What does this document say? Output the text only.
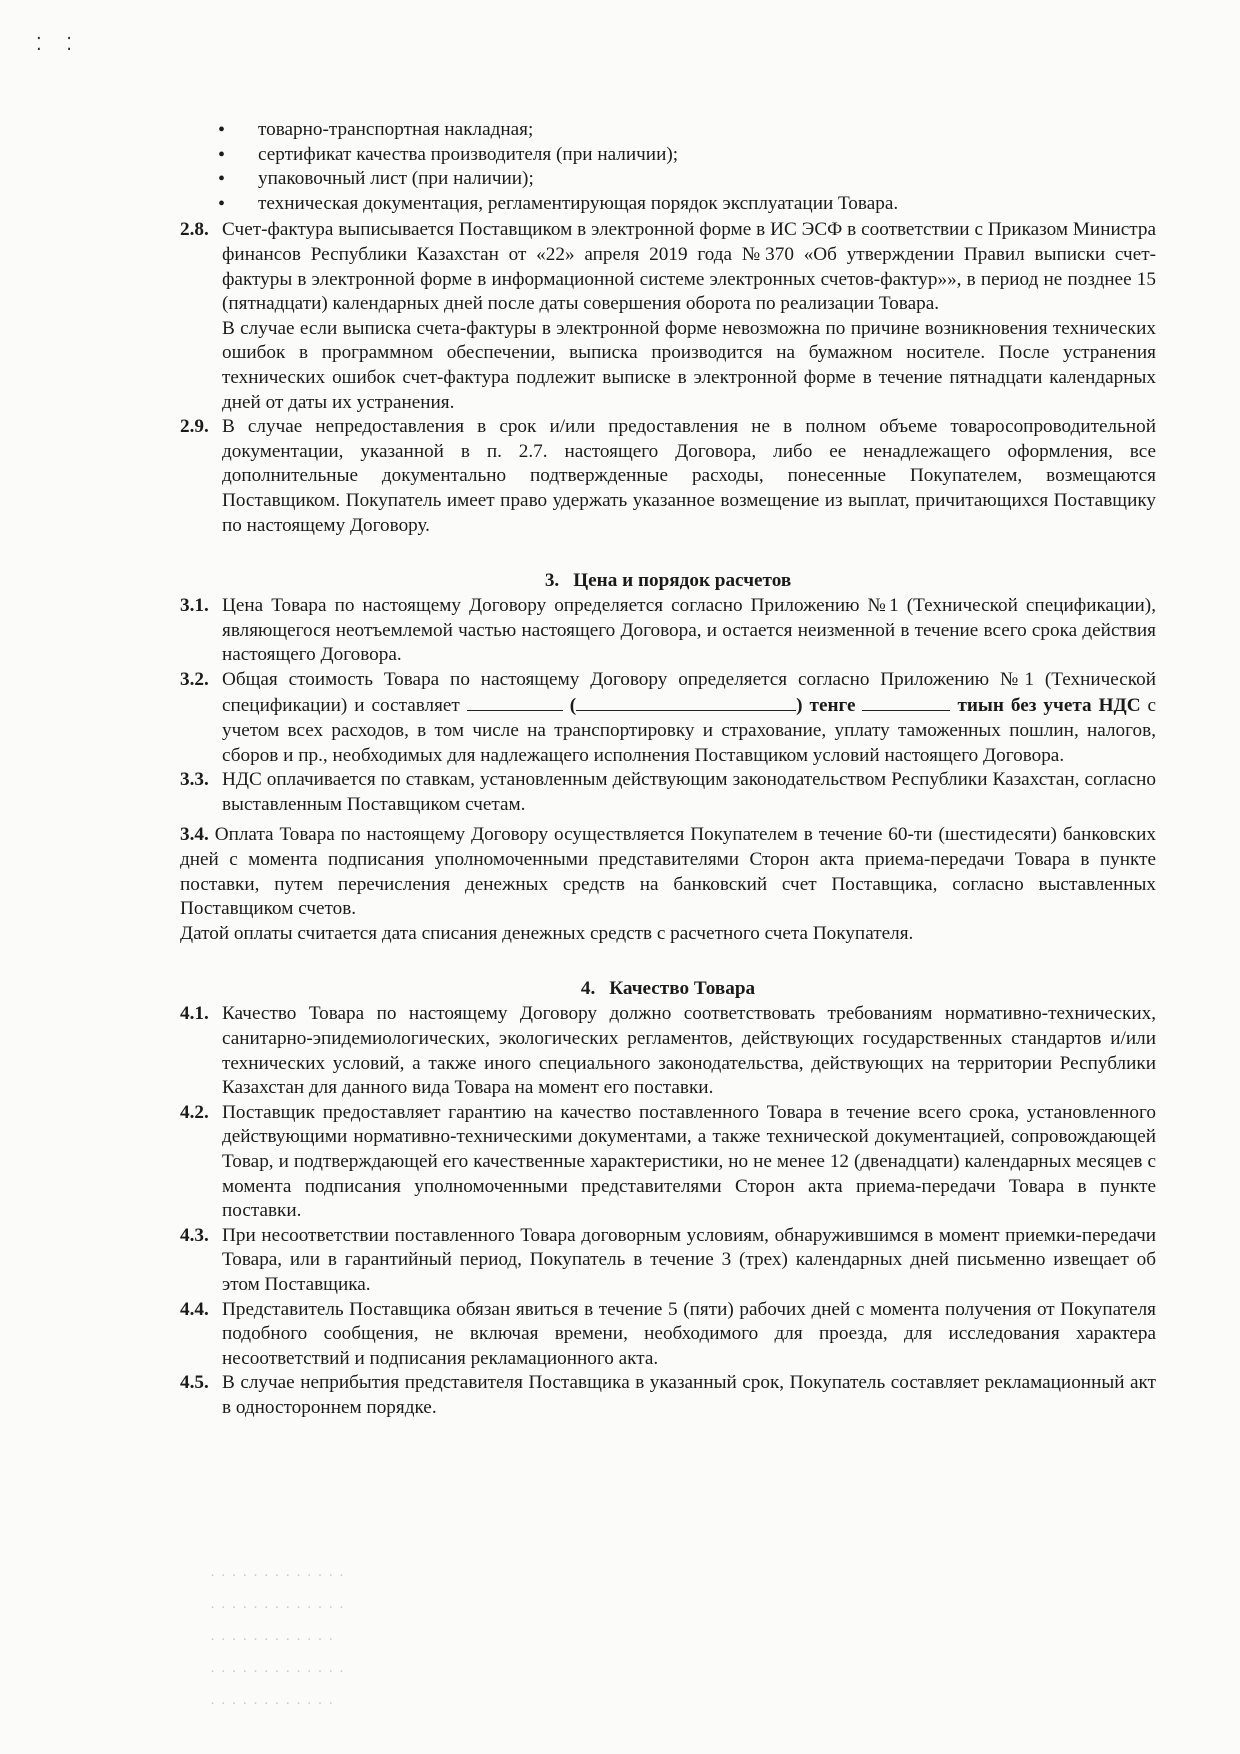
⁚ ⁚
• товарно-транспортная накладная;
• сертификат качества производителя (при наличии);
• упаковочный лист (при наличии);
• техническая документация, регламентирующая порядок эксплуатации Товара.
2.8. Счет-фактура выписывается Поставщиком в электронной форме в ИС ЭСФ в соответствии с Приказом Министра финансов Республики Казахстан от «22» апреля 2019 года №370 «Об утверждении Правил выписки счет-фактуры в электронной форме в информационной системе электронных счетов-фактур»», в период не позднее 15 (пятнадцати) календарных дней после даты совершения оборота по реализации Товара.

В случае если выписка счета-фактуры в электронной форме невозможна по причине возникновения технических ошибок в программном обеспечении, выписка производится на бумажном носителе. После устранения технических ошибок счет-фактура подлежит выписке в электронной форме в течение пятнадцати календарных дней от даты их устранения.

2.9. В случае непредоставления в срок и/или предоставления не в полном объеме товаросопроводительной документации, указанной в п. 2.7. настоящего Договора, либо ее ненадлежащего оформления, все дополнительные документально подтвержденные расходы, понесенные Покупателем, возмещаются Поставщиком. Покупатель имеет право удержать указанное возмещение из выплат, причитающихся Поставщику по настоящему Договору.

3. Цена и порядок расчетов
3.1. Цена Товара по настоящему Договору определяется согласно Приложению №1 (Технической спецификации), являющегося неотъемлемой частью настоящего Договора, и остается неизменной в течение всего срока действия настоящего Договора.

3.2. Общая стоимость Товара по настоящему Договору определяется согласно Приложению №1 (Технической спецификации) и составляет	(	) тенге	тиын без учета НДС с учетом всех расходов, в том числе на транспортировку и страхование, уплату таможенных пошлин, налогов, сборов и пр., необходимых для надлежащего исполнения Поставщиком условий настоящего Договора.

3.3. НДС оплачивается по ставкам, установленным действующим законодательством Республики Казахстан, согласно выставленным Поставщиком счетам.

3.4. Оплата Товара по настоящему Договору осуществляется Покупателем в течение 60-ти (шестидесяти) банковских дней с момента подписания уполномоченными представителями Сторон акта приема-передачи Товара в пункте поставки, путем перечисления денежных средств на банковский счет Поставщика, согласно выставленных Поставщиком счетов.

Датой оплаты считается дата списания денежных средств с расчетного счета Покупателя.

4. Качество Товара
4.1. Качество Товара по настоящему Договору должно соответствовать требованиям нормативно-технических, санитарно-эпидемиологических, экологических регламентов, действующих государственных стандартов и/или технических условий, а также иного специального законодательства, действующих на территории Республики Казахстан для данного вида Товара на момент его поставки.

4.2. Поставщик предоставляет гарантию на качество поставленного Товара в течение всего срока, установленного действующими нормативно-техническими документами, а также технической документацией, сопровождающей Товар, и подтверждающей его качественные характеристики, но не менее 12 (двенадцати) календарных месяцев с момента подписания уполномоченными представителями Сторон акта приема-передачи Товара в пункте поставки.

4.3. При несоответствии поставленного Товара договорным условиям, обнаружившимся в момент приемки-передачи Товара, или в гарантийный период, Покупатель в течение 3 (трех) календарных дней письменно извещает об этом Поставщика.

4.4. Представитель Поставщика обязан явиться в течение 5 (пяти) рабочих дней с момента получения от Покупателя подобного сообщения, не включая времени, необходимого для проезда, для исследования характера несоответствий и подписания рекламационного акта.

4.5. В случае неприбытия представителя Поставщика в указанный срок, Покупатель составляет рекламационный акт в одностороннем порядке.

· · · · · · · · · · · · ·
· · · · · · · · · · · · ·
· · · · · · · · · · · ·
· · · · · · · · · · · · ·
· · · · · · · · · · · ·
